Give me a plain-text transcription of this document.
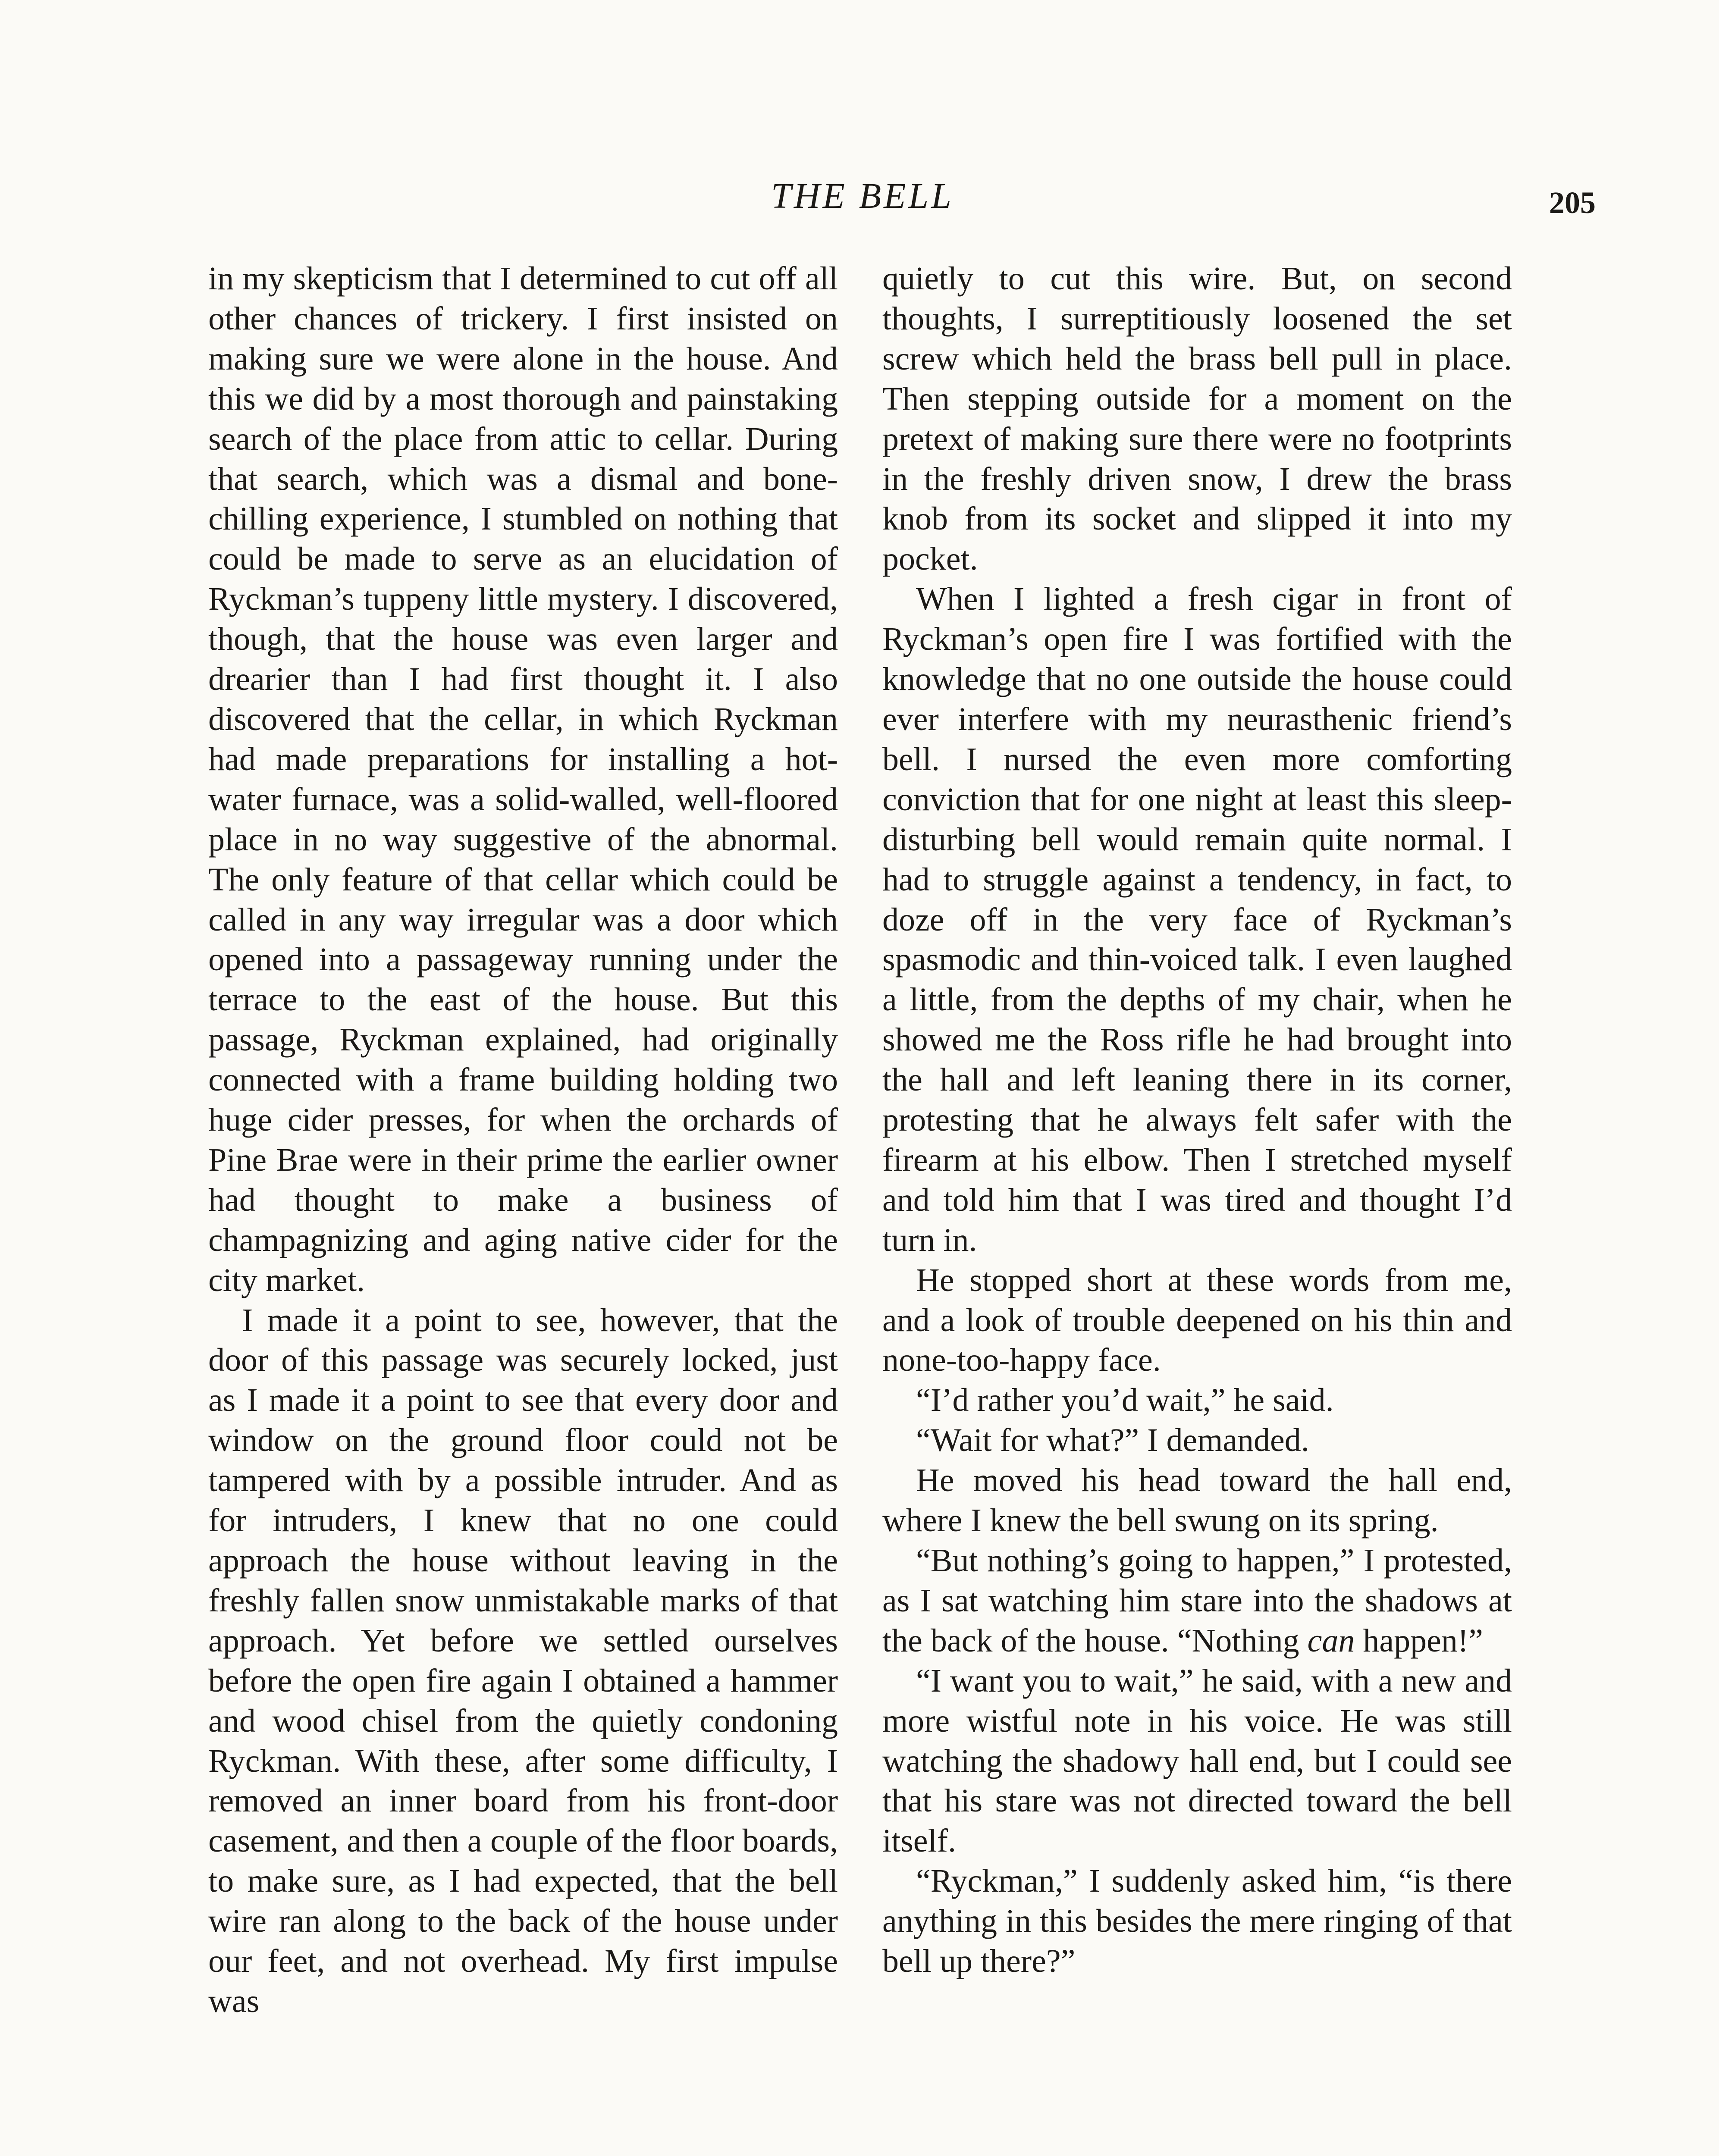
THE BELL	205

in my skepticism that I determined to cut off all other chances of trickery. I first insisted on making sure we were alone in the house. And this we did by a most thorough and painstaking search of the place from attic to cellar. During that search, which was a dismal and bone-chilling experience, I stumbled on nothing that could be made to serve as an elucidation of Ryckman’s tuppeny little mystery. I discovered, though, that the house was even larger and drearier than I had first thought it. I also discovered that the cellar, in which Ryckman had made preparations for installing a hot-water furnace, was a solid-walled, well-floored place in no way suggestive of the abnormal. The only feature of that cellar which could be called in any way irregular was a door which opened into a passageway running under the terrace to the east of the house. But this passage, Ryckman explained, had originally connected with a frame building holding two huge cider presses, for when the orchards of Pine Brae were in their prime the earlier owner had thought to make a business of champagnizing and aging native cider for the city market.

I made it a point to see, however, that the door of this passage was securely locked, just as I made it a point to see that every door and window on the ground floor could not be tampered with by a possible intruder. And as for intruders, I knew that no one could approach the house without leaving in the freshly fallen snow unmistakable marks of that approach. Yet before we settled ourselves before the open fire again I obtained a hammer and wood chisel from the quietly condoning Ryckman. With these, after some difficulty, I removed an inner board from his front-door casement, and then a couple of the floor boards, to make sure, as I had expected, that the bell wire ran along to the back of the house under our feet, and not overhead. My first impulse was

quietly to cut this wire. But, on second thoughts, I surreptitiously loosened the set screw which held the brass bell pull in place. Then stepping outside for a moment on the pretext of making sure there were no footprints in the freshly driven snow, I drew the brass knob from its socket and slipped it into my pocket.

When I lighted a fresh cigar in front of Ryckman’s open fire I was fortified with the knowledge that no one outside the house could ever interfere with my neurasthenic friend’s bell. I nursed the even more comforting conviction that for one night at least this sleep-disturbing bell would remain quite normal. I had to struggle against a tendency, in fact, to doze off in the very face of Ryckman’s spasmodic and thin-voiced talk. I even laughed a little, from the depths of my chair, when he showed me the Ross rifle he had brought into the hall and left leaning there in its corner, protesting that he always felt safer with the firearm at his elbow. Then I stretched myself and told him that I was tired and thought I’d turn in.

He stopped short at these words from me, and a look of trouble deepened on his thin and none-too-happy face.

“I’d rather you’d wait,” he said.

“Wait for what?” I demanded.

He moved his head toward the hall end, where I knew the bell swung on its spring.

“But nothing’s going to happen,” I protested, as I sat watching him stare into the shadows at the back of the house. “Nothing can happen!”

“I want you to wait,” he said, with a new and more wistful note in his voice. He was still watching the shadowy hall end, but I could see that his stare was not directed toward the bell itself.

“Ryckman,” I suddenly asked him, “is there anything in this besides the mere ringing of that bell up there?”
